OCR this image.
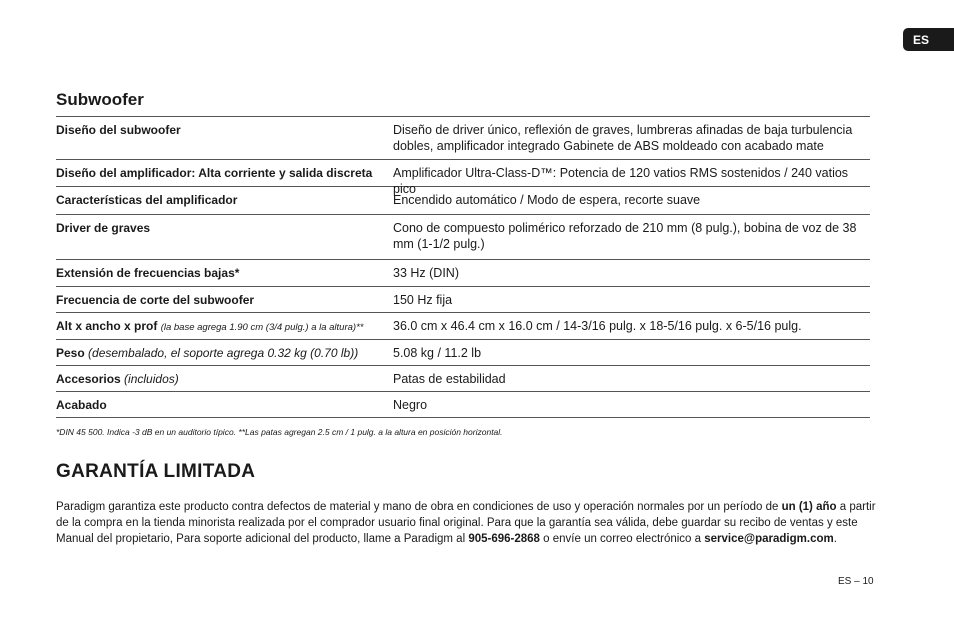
ES
Subwoofer
Diseño del subwoofer	Diseño de driver único, reflexión de graves, lumbreras afinadas de baja turbulencia dobles, amplificador integrado Gabinete de ABS moldeado con acabado mate
Diseño del amplificador: Alta corriente y salida discreta	Amplificador Ultra-Class-D™: Potencia de 120 vatios RMS sostenidos / 240 vatios pico
Características del amplificador	Encendido automático / Modo de espera, recorte suave
Driver de graves	Cono de compuesto polimérico reforzado de 210 mm (8 pulg.), bobina de voz de 38 mm (1-1/2 pulg.)
Extensión de frecuencias bajas*	33 Hz (DIN)
Frecuencia de corte del subwoofer	150 Hz fija
Alt x ancho x prof (la base agrega 1.90 cm (3/4 pulg.) a la altura)**	36.0 cm x 46.4 cm x 16.0 cm / 14-3/16 pulg. x 18-5/16 pulg. x 6-5/16 pulg.
Peso (desembalado, el soporte agrega 0.32 kg (0.70 lb))	5.08 kg / 11.2 lb
Accesorios (incluidos)	Patas de estabilidad
Acabado	Negro
*DIN 45 500. Indica -3 dB en un auditorio típico. **Las patas agregan 2.5 cm / 1 pulg. a la altura en posición horizontal.
GARANTÍA LIMITADA
Paradigm garantiza este producto contra defectos de material y mano de obra en condiciones de uso y operación normales por un período de un (1) año a partir de la compra en la tienda minorista realizada por el comprador usuario final original. Para que la garantía sea válida, debe guardar su recibo de ventas y este Manual del propietario, Para soporte adicional del producto, llame a Paradigm al 905-696-2868 o envíe un correo electrónico a service@paradigm.com.
ES – 10
